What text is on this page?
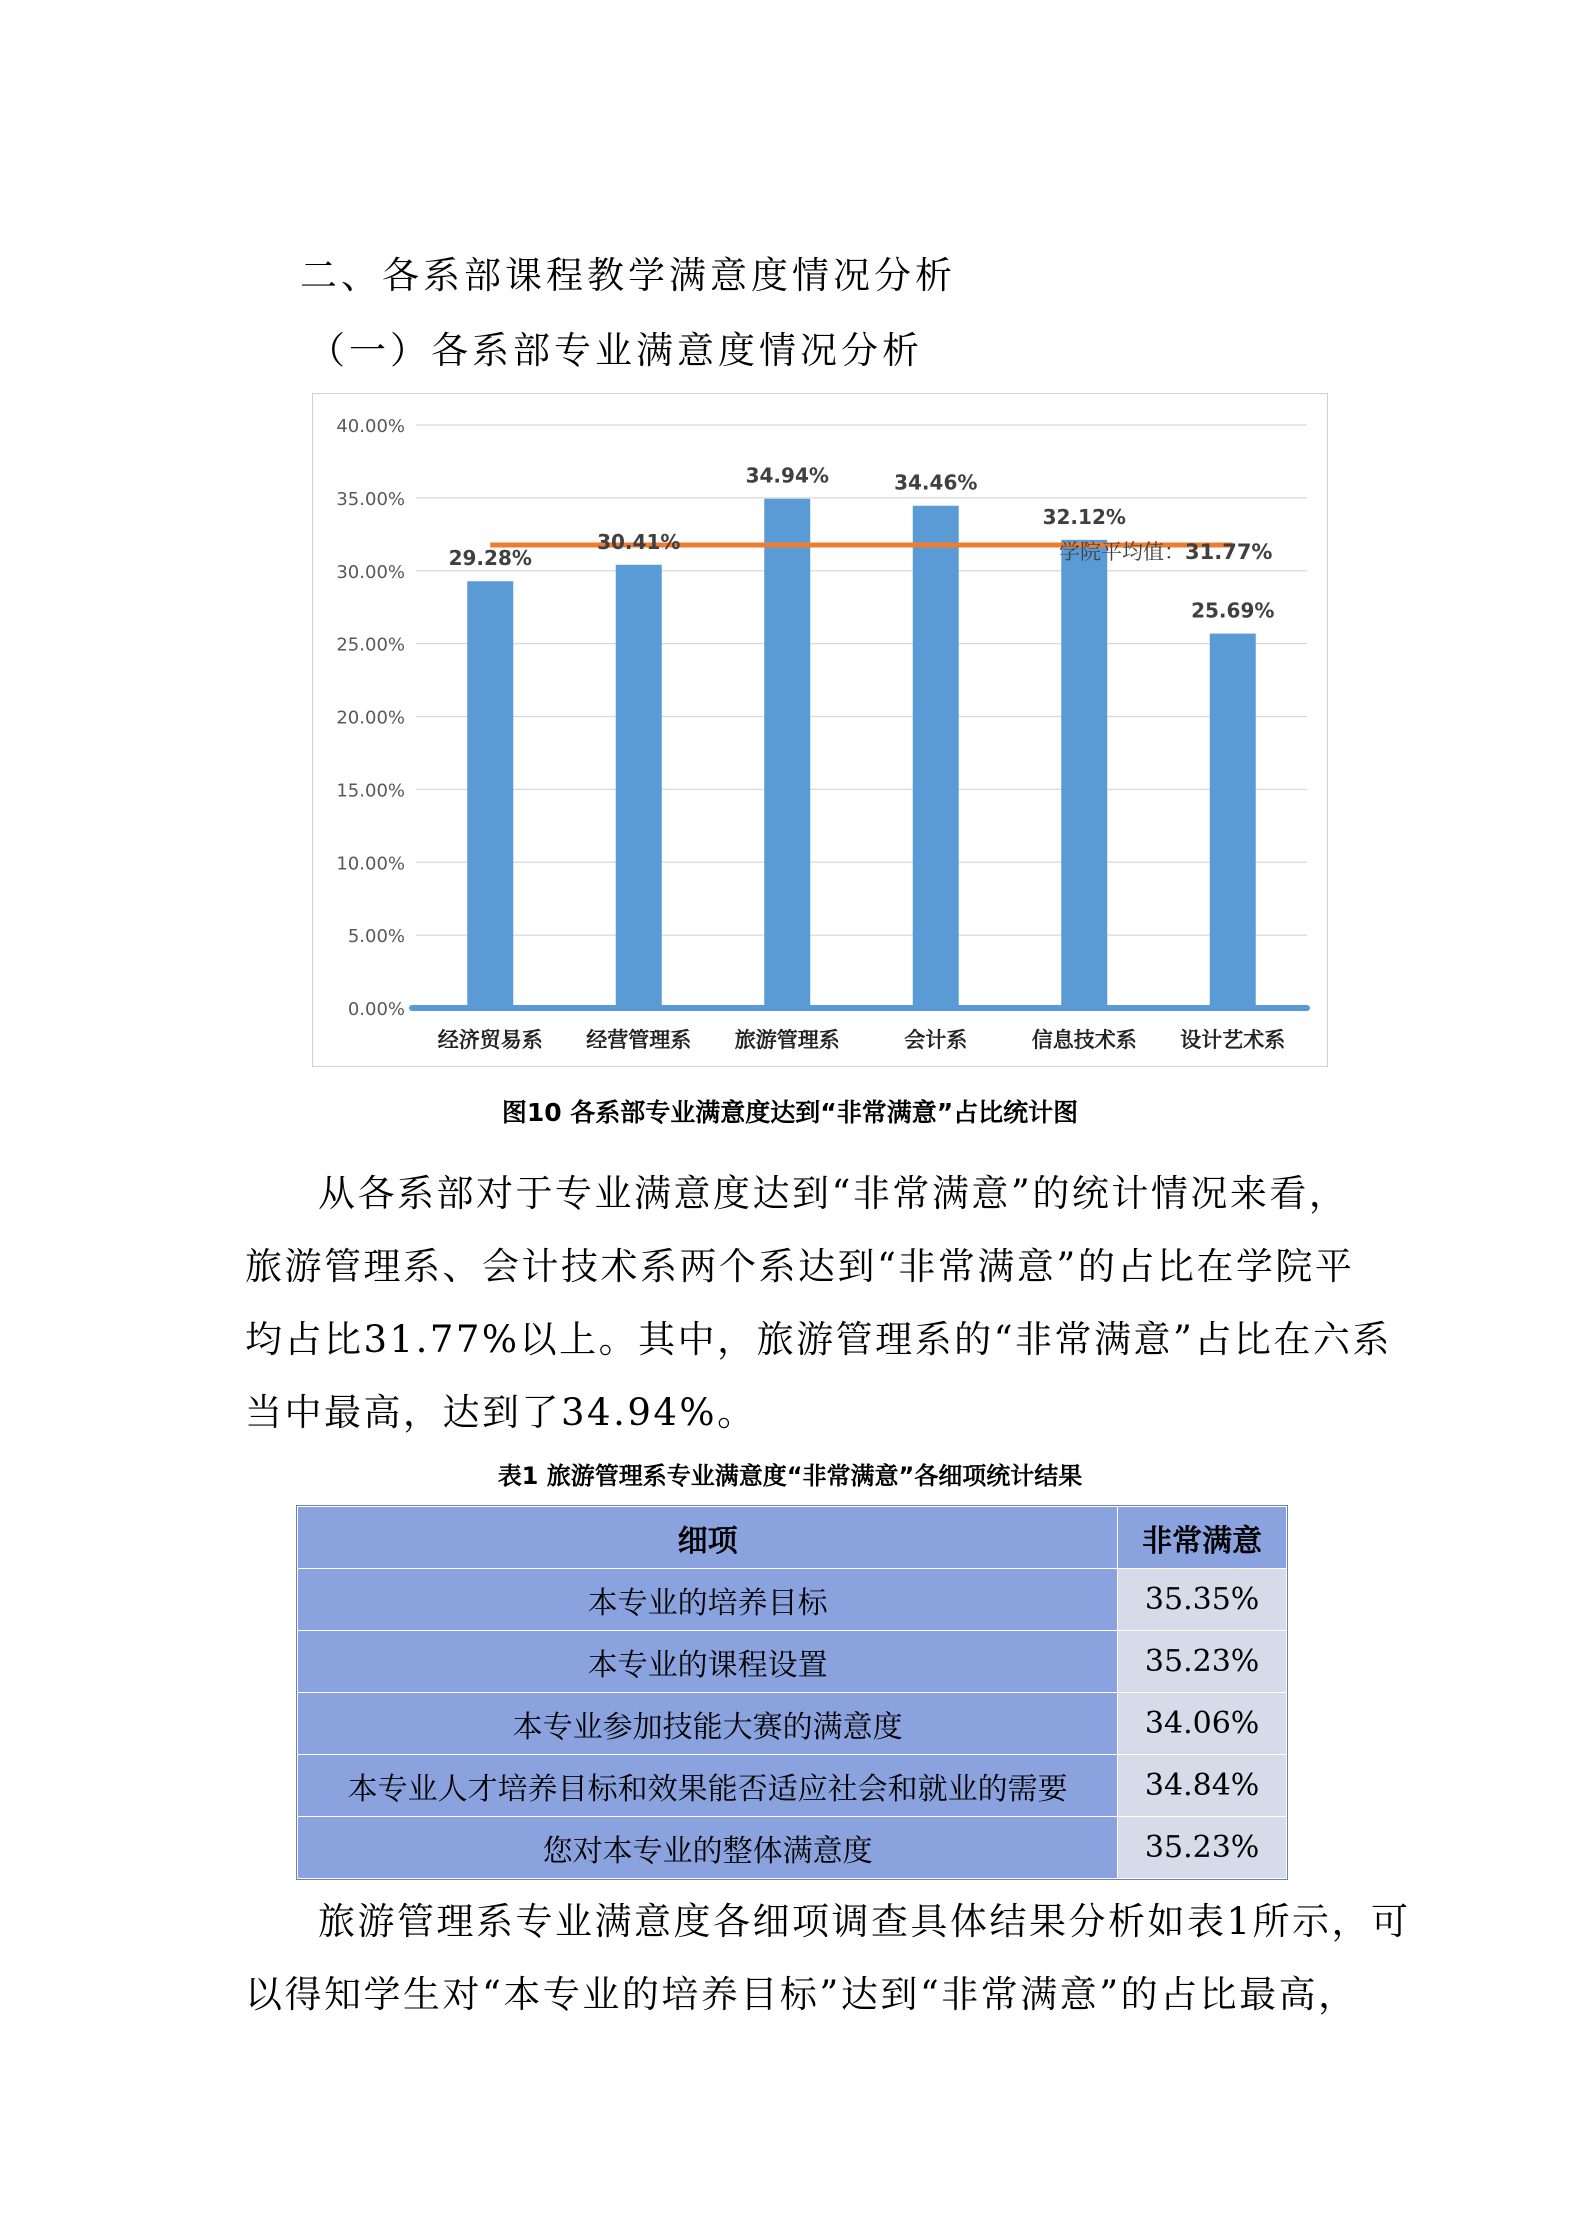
二、各系部课程教学满意度情况分析
（一）各系部专业满意度情况分析
0.00%
5.00%
10.00%
15.00%
20.00%
25.00%
30.00%
35.00%
40.00%
29.28%
30.41%
34.94%	34.46%
32.12%
25.69%
学院平均值：31.77%
经济贸易系 经营管理系 旅游管理系	会计系	信息技术系 设计艺术系
图10 各系部专业满意度达到“非常满意”占比统计图
从各系部对于专业满意度达到“非常满意”的统计情况来看，
旅游管理系、会计技术系两个系达到“非常满意”的占比在学院平
均占比31.77%以上。其中，旅游管理系的“非常满意”占比在六系
当中最高，达到了34.94%。
表1 旅游管理系专业满意度“非常满意”各细项统计结果
细项	非常满意
本专业的培养目标	35.35%
本专业的课程设置	35.23%
本专业参加技能大赛的满意度	34.06%
本专业人才培养目标和效果能否适应社会和就业的需要	34.84%
您对本专业的整体满意度	35.23%
旅游管理系专业满意度各细项调查具体结果分析如表1所示，可
以得知学生对“本专业的培养目标”达到“非常满意”的占比最高，
